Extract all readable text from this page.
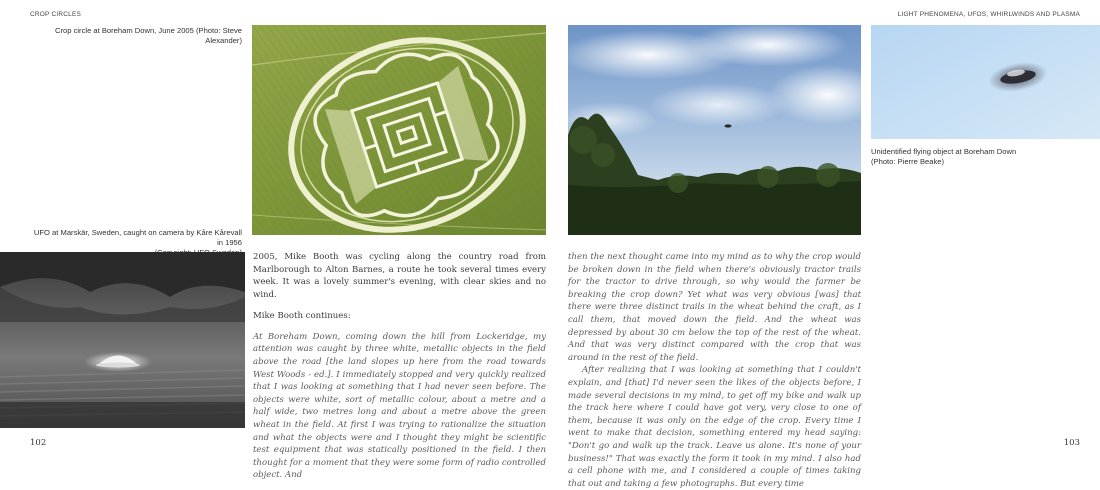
CROP CIRCLES	LIGHT PHENOMENA, UFOS, WHIRLWINDS AND PLASMA
Crop circle at Boreham Down, June 2005 (Photo: Steve Alexander)
UFO at Marskär, Sweden, caught on camera by Kåre Kårevall in 1956

2005, Mike Booth was cycling along the country road from Marlborough to Alton Barnes, a route he took several times every week. It was a lovely summer's evening, with clear skies and no wind.

Mike Booth continues:

At Boreham Down, coming down the hill from Lockeridge, my attention was caught by three white, metallic objects in the field above the road [the land slopes up here from the road towards West Woods - ed.]. I immediately stopped and very quickly realized that I was looking at something that I had never seen before. The objects were white, sort of metallic colour, about a metre and a half wide, two metres long and about a metre above the green wheat in the field. At first I was trying to rationalize the situation and what the objects were and I thought they might be scientific test equipment that was statically positioned in the field. I then thought for a moment that they were some form of radio controlled object. And

102	103
Unidentified flying object at Boreham Down
(Photo: Pierre Beake)

then the next thought came into my mind as to why the crop would be broken down in the field when there's obviously tractor trails for the tractor to drive through, so why would the farmer be breaking the crop down? Yet what was very obvious [was] that there were three distinct trails in the wheat behind the craft, as I call them, that moved down the field. And the wheat was depressed by about 30 cm below the top of the rest of the wheat. And that was very distinct compared with the crop that was around in the rest of the field.

After realizing that I was looking at something that I couldn't explain, and [that] I'd never seen the likes of the objects before, I made several decisions in my mind, to get off my bike and walk up the track here where I could have got very, very close to one of them, because it was only on the edge of the crop. Every time I went to make that decision, something entered my head saying: "Don't go and walk up the track. Leave us alone. It's none of your business!" That was exactly the form it took in my mind. I also had a cell phone with me, and I considered a couple of times taking that out and taking a few photographs. But every time
